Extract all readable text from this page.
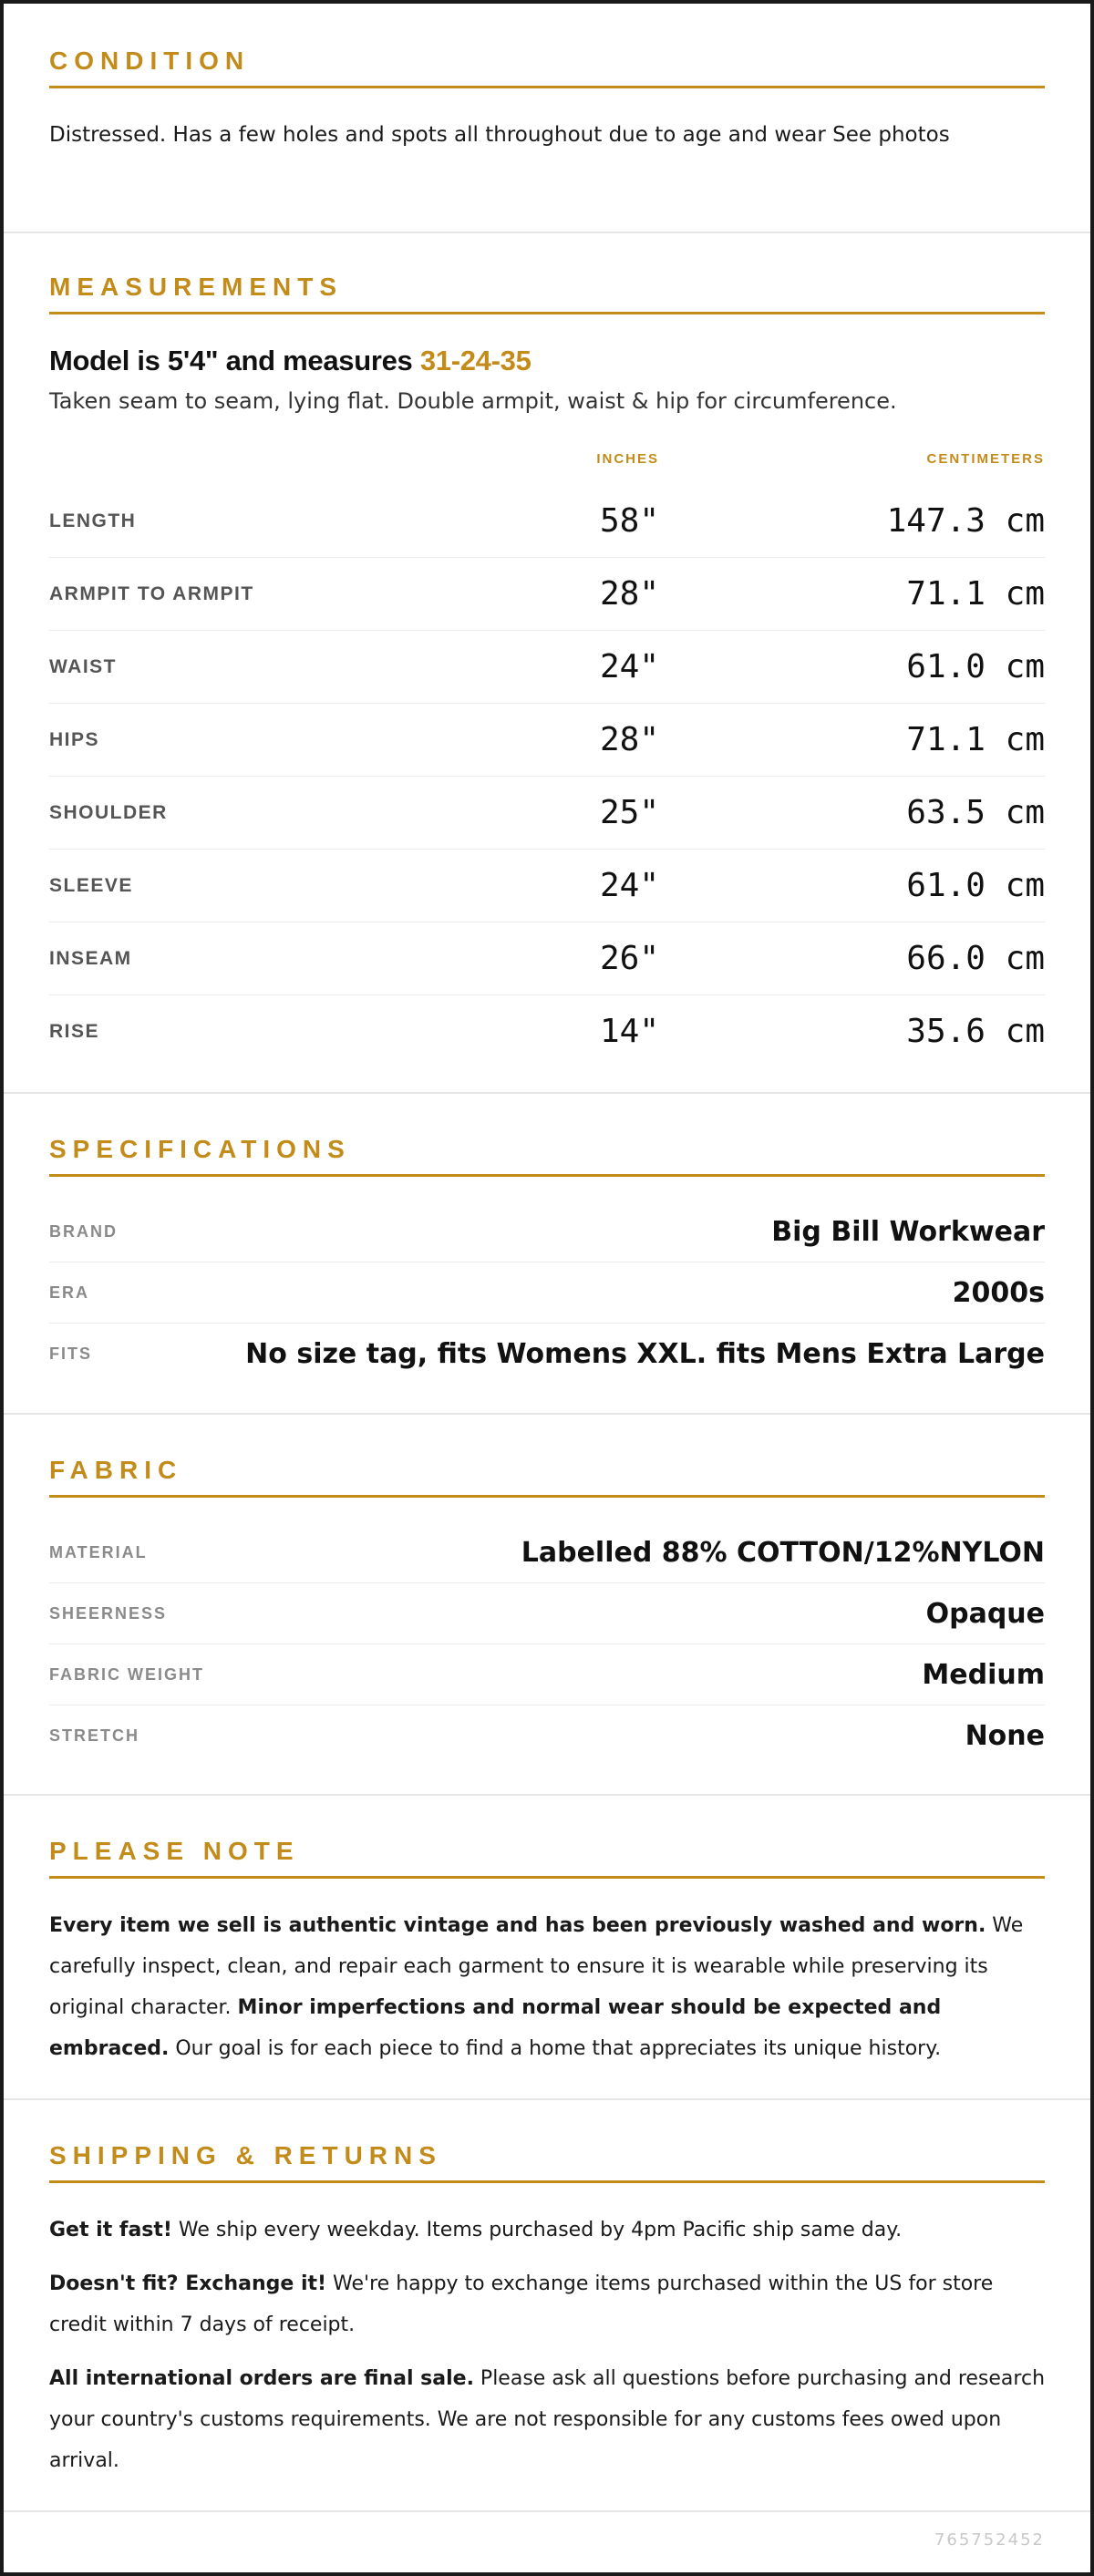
CONDITION
Distressed. Has a few holes and spots all throughout due to age and wear See photos
MEASUREMENTS
Model is 5'4" and measures 31-24-35
Taken seam to seam, lying flat. Double armpit, waist & hip for circumference.
INCHES	CENTIMETERS
LENGTH	58"	147.3 cm
ARMPIT TO ARMPIT	28"	71.1 cm
WAIST	24"	61.0 cm
HIPS	28"	71.1 cm
SHOULDER	25"	63.5 cm
SLEEVE	24"	61.0 cm
INSEAM	26"	66.0 cm
RISE	14"	35.6 cm
SPECIFICATIONS
BRAND	Big Bill Workwear
ERA	2000s
FITS	No size tag, fits Womens XXL. fits Mens Extra Large
FABRIC
MATERIAL	Labelled 88% COTTON/12%NYLON
SHEERNESS	Opaque
FABRIC WEIGHT	Medium
STRETCH	None
PLEASE NOTE
Every item we sell is authentic vintage and has been previously washed and worn. We carefully inspect, clean, and repair each garment to ensure it is wearable while preserving its original character. Minor imperfections and normal wear should be expected and embraced. Our goal is for each piece to find a home that appreciates its unique history.
SHIPPING & RETURNS
Get it fast! We ship every weekday. Items purchased by 4pm Pacific ship same day.
Doesn't fit? Exchange it! We're happy to exchange items purchased within the US for store credit within 7 days of receipt.
All international orders are final sale. Please ask all questions before purchasing and research your country's customs requirements. We are not responsible for any customs fees owed upon arrival.
765752452
